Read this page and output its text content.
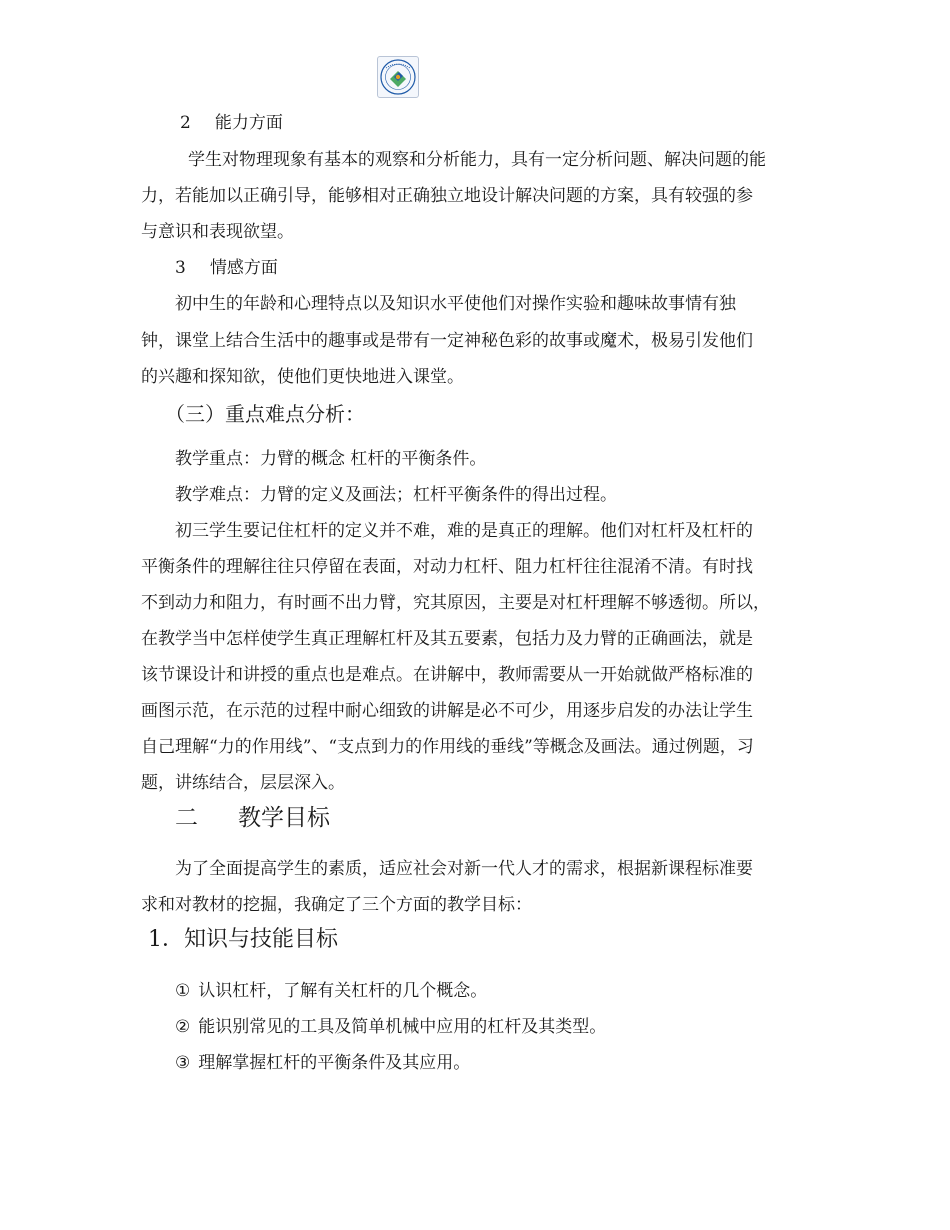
2 能力方面
学生对物理现象有基本的观察和分析能力，具有一定分析问题、解决问题的能
力，若能加以正确引导，能够相对正确独立地设计解决问题的方案，具有较强的参
与意识和表现欲望。
3 情感方面
初中生的年龄和心理特点以及知识水平使他们对操作实验和趣味故事情有独
钟，课堂上结合生活中的趣事或是带有一定神秘色彩的故事或魔术，极易引发他们
的兴趣和探知欲，使他们更快地进入课堂。
（三）重点难点分析：
教学重点：力臂的概念 杠杆的平衡条件。
教学难点：力臂的定义及画法；杠杆平衡条件的得出过程。
初三学生要记住杠杆的定义并不难，难的是真正的理解。他们对杠杆及杠杆的
平衡条件的理解往往只停留在表面，对动力杠杆、阻力杠杆往往混淆不清。有时找
不到动力和阻力，有时画不出力臂，究其原因，主要是对杠杆理解不够透彻。所以，
在教学当中怎样使学生真正理解杠杆及其五要素，包括力及力臂的正确画法，就是
该节课设计和讲授的重点也是难点。在讲解中，教师需要从一开始就做严格标准的
画图示范，在示范的过程中耐心细致的讲解是必不可少，用逐步启发的办法让学生
自己理解“力的作用线”、“支点到力的作用线的垂线”等概念及画法。通过例题，习
题，讲练结合，层层深入。
二 教学目标
为了全面提高学生的素质，适应社会对新一代人才的需求，根据新课程标准要
求和对教材的挖掘，我确定了三个方面的教学目标：
1．知识与技能目标
① 认识杠杆，了解有关杠杆的几个概念。
② 能识别常见的工具及简单机械中应用的杠杆及其类型。
③ 理解掌握杠杆的平衡条件及其应用。
